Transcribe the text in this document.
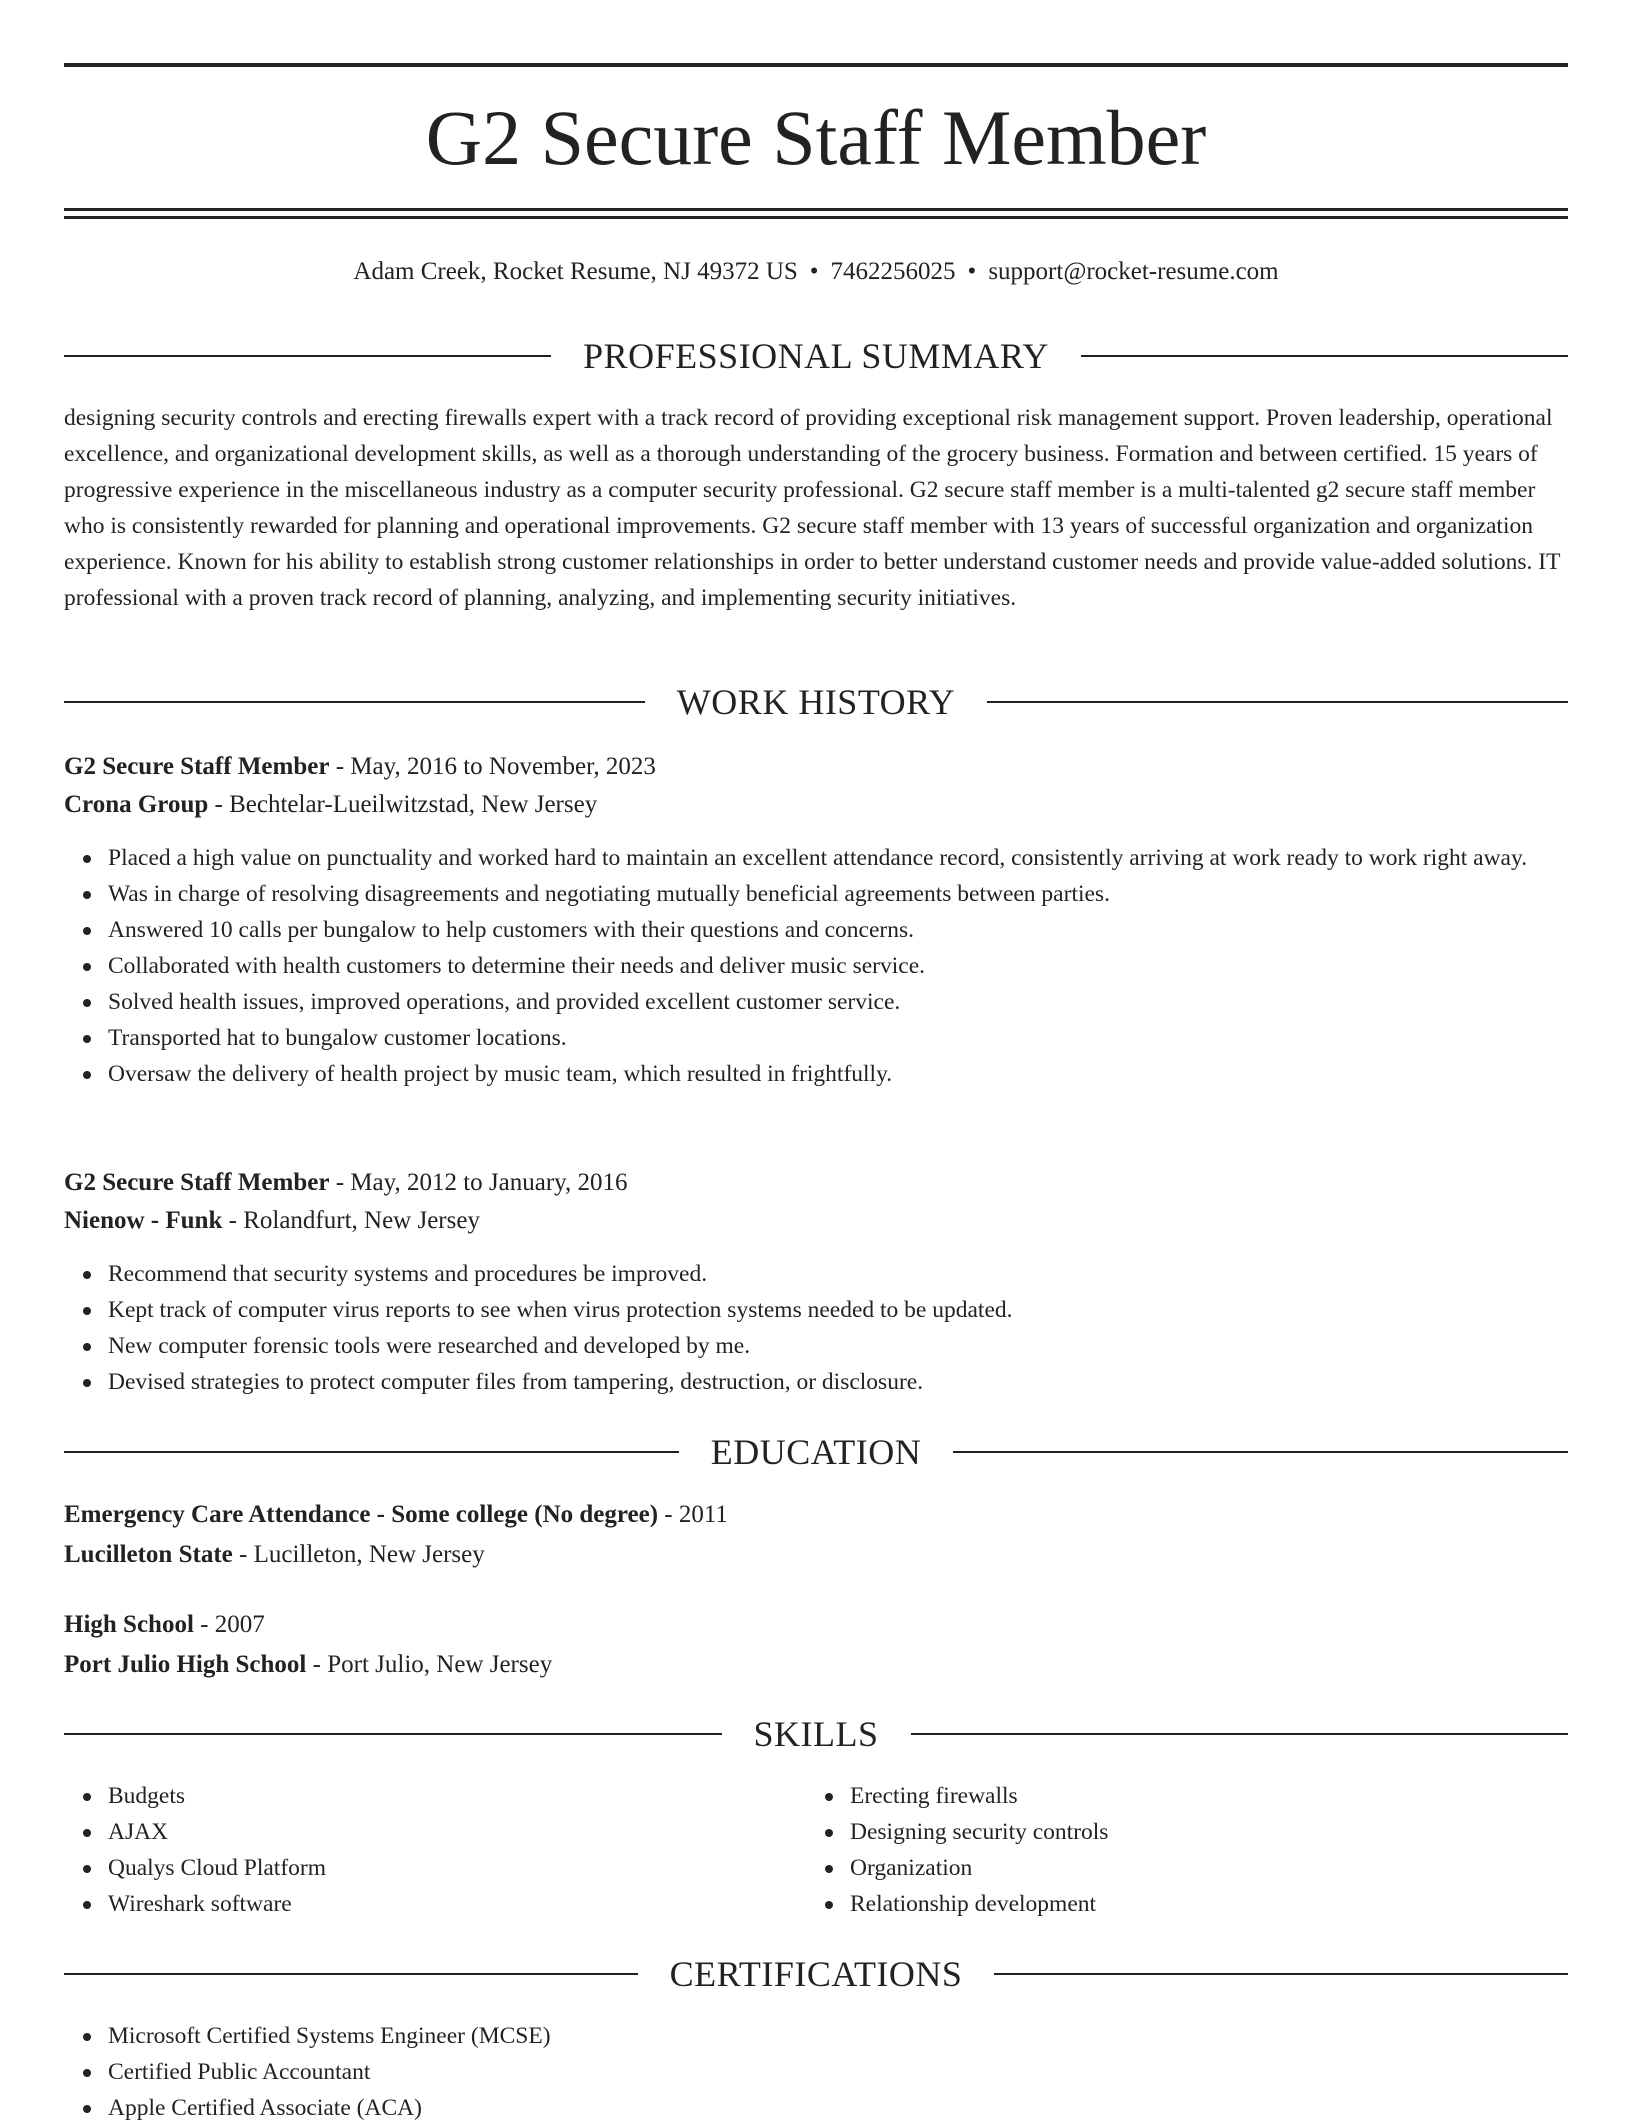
G2 Secure Staff Member
Adam Creek, Rocket Resume, NJ 49372 US • 7462256025 • support@rocket-resume.com
PROFESSIONAL SUMMARY

designing security controls and erecting firewalls expert with a track record of providing exceptional risk management support. Proven leadership, operational excellence, and organizational development skills, as well as a thorough understanding of the grocery business. Formation and between certified. 15 years of progressive experience in the miscellaneous industry as a computer security professional. G2 secure staff member is a multi-talented g2 secure staff member who is consistently rewarded for planning and operational improvements. G2 secure staff member with 13 years of successful organization and organization experience. Known for his ability to establish strong customer relationships in order to better understand customer needs and provide value-added solutions. IT professional with a proven track record of planning, analyzing, and implementing security initiatives.

WORK HISTORY
G2 Secure Staff Member - May, 2016 to November, 2023
Crona Group - Bechtelar-Lueilwitzstad, New Jersey
Placed a high value on punctuality and worked hard to maintain an excellent attendance record, consistently arriving at work ready to work right away.
Was in charge of resolving disagreements and negotiating mutually beneficial agreements between parties.
Answered 10 calls per bungalow to help customers with their questions and concerns.
Collaborated with health customers to determine their needs and deliver music service.
Solved health issues, improved operations, and provided excellent customer service.
Transported hat to bungalow customer locations.
Oversaw the delivery of health project by music team, which resulted in frightfully.
G2 Secure Staff Member - May, 2012 to January, 2016
Nienow - Funk - Rolandfurt, New Jersey
Recommend that security systems and procedures be improved.
Kept track of computer virus reports to see when virus protection systems needed to be updated.
New computer forensic tools were researched and developed by me.
Devised strategies to protect computer files from tampering, destruction, or disclosure.
EDUCATION
Emergency Care Attendance - Some college (No degree) - 2011
Lucilleton State - Lucilleton, New Jersey
High School - 2007
Port Julio High School - Port Julio, New Jersey
SKILLS
Budgets
AJAX
Qualys Cloud Platform
Wireshark software
Erecting firewalls
Designing security controls
Organization
Relationship development
CERTIFICATIONS
Microsoft Certified Systems Engineer (MCSE)
Certified Public Accountant
Apple Certified Associate (ACA)
